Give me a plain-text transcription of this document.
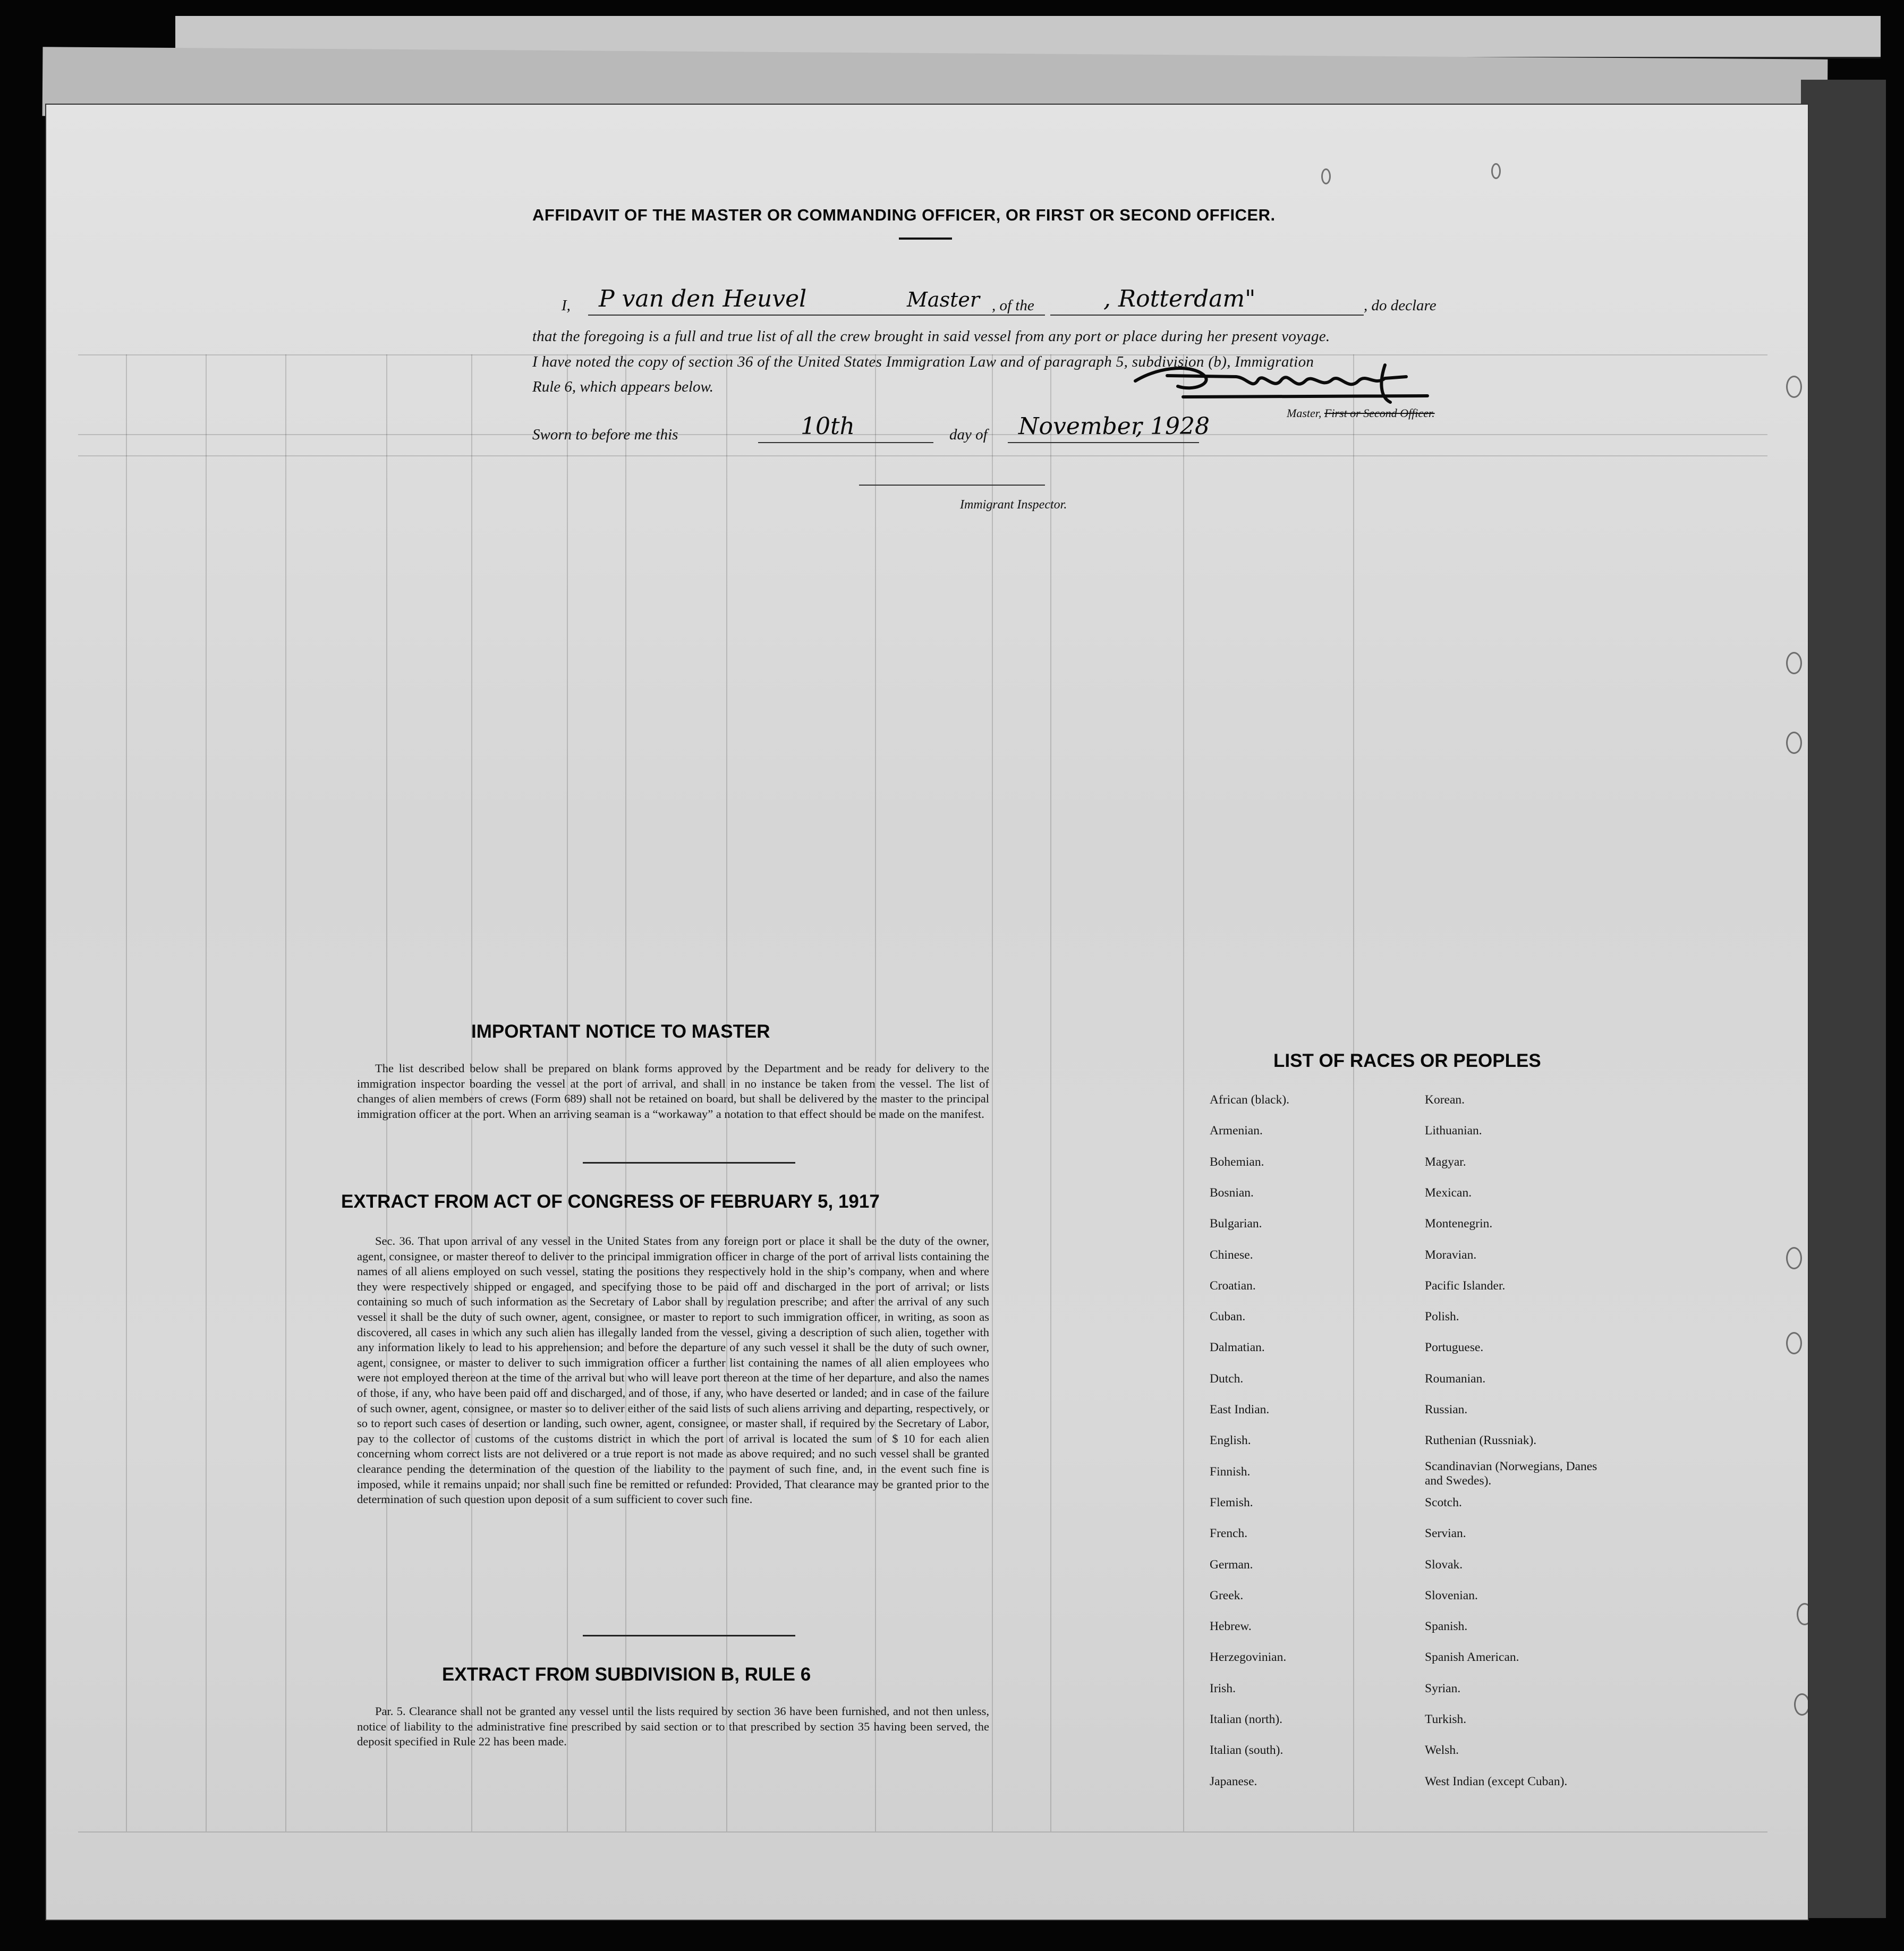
AFFIDAVIT OF THE MASTER OR COMMANDING OFFICER, OR FIRST OR SECOND OFFICER.
I, P van den Heuvel	Master , of the	, Rotterdam"	, do declare
that the foregoing is a full and true list of all the crew brought in said vessel from any port or place during her present voyage.
I have noted the copy of section 36 of the United States Immigration Law and of paragraph 5, subdivision (b), Immigration
Rule 6, which appears below.
Master, First or Second Officer.
Sworn to before me this	10th	day of November
, 1928
Immigrant Inspector.
IMPORTANT NOTICE TO MASTER
The list described below shall be prepared on blank forms approved by the Department and be ready for delivery to the immigration inspector boarding the vessel at the port of arrival, and shall in no instance be taken from the vessel. The list of changes of alien members of crews (Form 689) shall not be retained on board, but shall be delivered by the master to the principal immigration officer at the port. When an arriving seaman is a “workaway” a notation to that effect should be made on the manifest.
EXTRACT FROM ACT OF CONGRESS OF FEBRUARY 5, 1917
Sec. 36. That upon arrival of any vessel in the United States from any foreign port or place it shall be the duty of the owner, agent, consignee, or master thereof to deliver to the principal immigration officer in charge of the port of arrival lists containing the names of all aliens employed on such vessel, stating the positions they respectively hold in the ship’s company, when and where they were respectively shipped or engaged, and specifying those to be paid off and discharged in the port of arrival; or lists containing so much of such information as the Secretary of Labor shall by regulation prescribe; and after the arrival of any such vessel it shall be the duty of such owner, agent, consignee, or master to report to such immigration officer, in writing, as soon as discovered, all cases in which any such alien has illegally landed from the vessel, giving a description of such alien, together with any information likely to lead to his apprehension; and before the departure of any such vessel it shall be the duty of such owner, agent, consignee, or master to deliver to such immigration officer a further list containing the names of all alien employees who were not employed thereon at the time of the arrival but who will leave port thereon at the time of her departure, and also the names of those, if any, who have been paid off and discharged, and of those, if any, who have deserted or landed; and in case of the failure of such owner, agent, consignee, or master so to deliver either of the said lists of such aliens arriving and departing, respectively, or so to report such cases of desertion or landing, such owner, agent, consignee, or master shall, if required by the Secretary of Labor, pay to the collector of customs of the customs district in which the port of arrival is located the sum of $ 10 for each alien concerning whom correct lists are not delivered or a true report is not made as above required; and no such vessel shall be granted clearance pending the determination of the question of the liability to the payment of such fine, and, in the event such fine is imposed, while it remains unpaid; nor shall such fine be remitted or refunded: Provided, That clearance may be granted prior to the determination of such question upon deposit of a sum sufficient to cover such fine.
EXTRACT FROM SUBDIVISION B, RULE 6
Par. 5. Clearance shall not be granted any vessel until the lists required by section 36 have been furnished, and not then unless, notice of liability to the administrative fine prescribed by said section or to that prescribed by section 35 having been served, the deposit specified in Rule 22 has been made.
LIST OF RACES OR PEOPLES
African (black).
Armenian.
Bohemian.
Bosnian.
Bulgarian.
Chinese.
Croatian.
Cuban.
Dalmatian.
Dutch.
East Indian.
English.
Finnish.
Flemish.
French.
German.
Greek.
Hebrew.
Herzegovinian.
Irish.
Italian (north).
Italian (south).
Japanese.
Korean.
Lithuanian.
Magyar.
Mexican.
Montenegrin.
Moravian.
Pacific Islander.
Polish.
Portuguese.
Roumanian.
Russian.
Ruthenian (Russniak).
Scandinavian (Norwegians, Danes and Swedes).
Scotch.
Servian.
Slovak.
Slovenian.
Spanish.
Spanish American.
Syrian.
Turkish.
Welsh.
West Indian (except Cuban).
